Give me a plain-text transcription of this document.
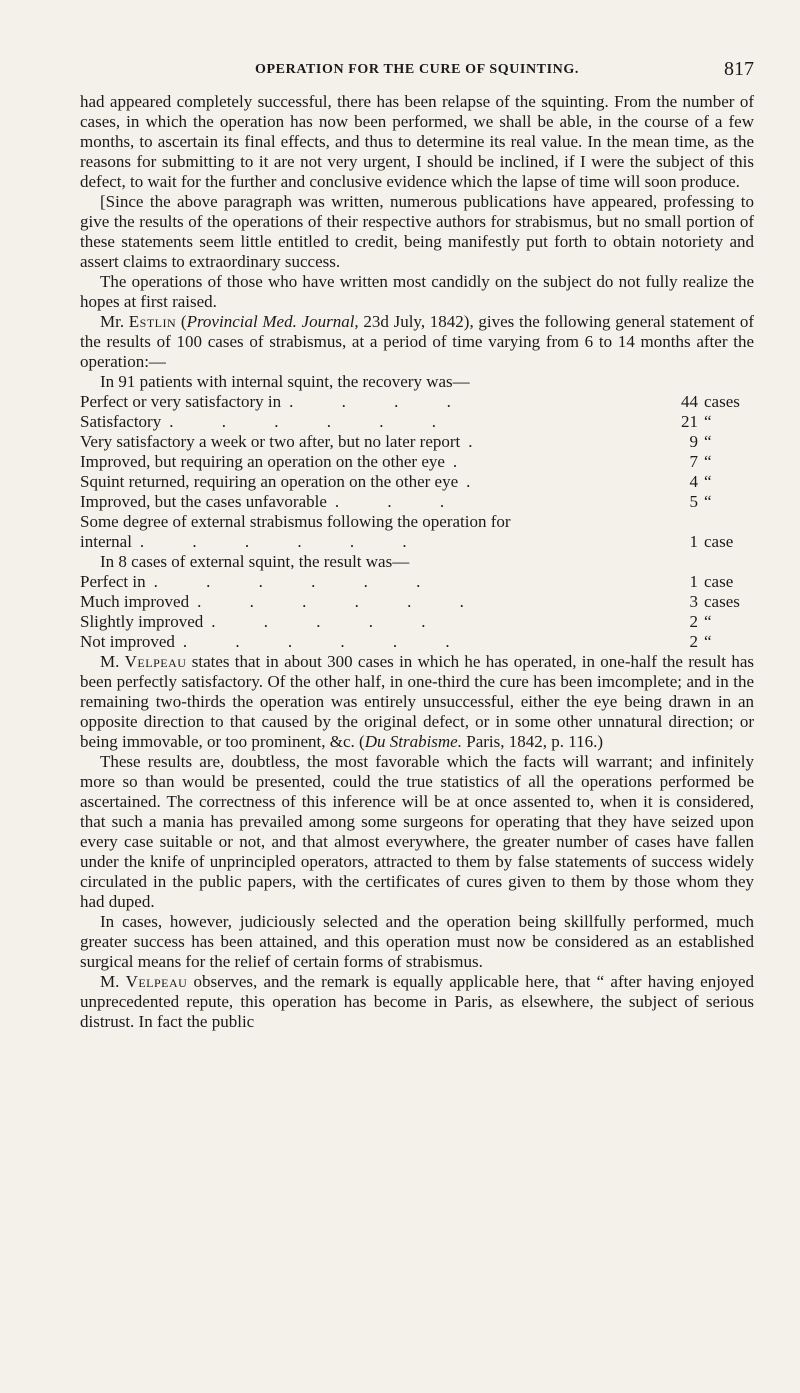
OPERATION FOR THE CURE OF SQUINTING.	817

had appeared completely successful, there has been relapse of the squinting. From the number of cases, in which the operation has now been performed, we shall be able, in the course of a few months, to ascertain its final effects, and thus to determine its real value. In the mean time, as the reasons for submitting to it are not very urgent, I should be inclined, if I were the subject of this defect, to wait for the further and conclusive evidence which the lapse of time will soon produce.

[Since the above paragraph was written, numerous publications have appeared, professing to give the results of the operations of their respective authors for strabismus, but no small portion of these statements seem little entitled to credit, being manifestly put forth to obtain notoriety and assert claims to extraordinary success.

The operations of those who have written most candidly on the subject do not fully realize the hopes at first raised.

Mr. Estlin (Provincial Med. Journal, 23d July, 1842), gives the following general statement of the results of 100 cases of strabismus, at a period of time varying from 6 to 14 months after the operation:—

In 91 patients with internal squint, the recovery was—

Perfect or very satisfactory in . . . .	44 cases
Satisfactory . . . . . .	21 “
Very satisfactory a week or two after, but no later report .	9 “
Improved, but requiring an operation on the other eye .	7 “
Squint returned, requiring an operation on the other eye .	4 “
Improved, but the cases unfavorable . . .	5 “

Some degree of external strabismus following the operation for

internal . . . . . .	1 case

In 8 cases of external squint, the result was—

Perfect in . . . . . .	1 case
Much improved . . . . . .	3 cases
Slightly improved . . . . .	2 “
Not improved . . . . . .	2 “

M. Velpeau states that in about 300 cases in which he has operated, in one-half the result has been perfectly satisfactory. Of the other half, in one-third the cure has been imcomplete; and in the remaining two-thirds the operation was entirely unsuccessful, either the eye being drawn in an opposite direction to that caused by the original defect, or in some other unnatural direction; or being immovable, or too prominent, &c. (Du Strabisme. Paris, 1842, p. 116.)

These results are, doubtless, the most favorable which the facts will warrant; and infinitely more so than would be presented, could the true statistics of all the operations performed be ascertained. The correctness of this inference will be at once assented to, when it is considered, that such a mania has prevailed among some surgeons for operating that they have seized upon every case suitable or not, and that almost everywhere, the greater number of cases have fallen under the knife of unprincipled operators, attracted to them by false statements of success widely circulated in the public papers, with the certificates of cures given to them by those whom they had duped.

In cases, however, judiciously selected and the operation being skillfully performed, much greater success has been attained, and this operation must now be considered as an established surgical means for the relief of certain forms of strabismus.

M. Velpeau observes, and the remark is equally applicable here, that “ after having enjoyed unprecedented repute, this operation has become in Paris, as elsewhere, the subject of serious distrust. In fact the public
